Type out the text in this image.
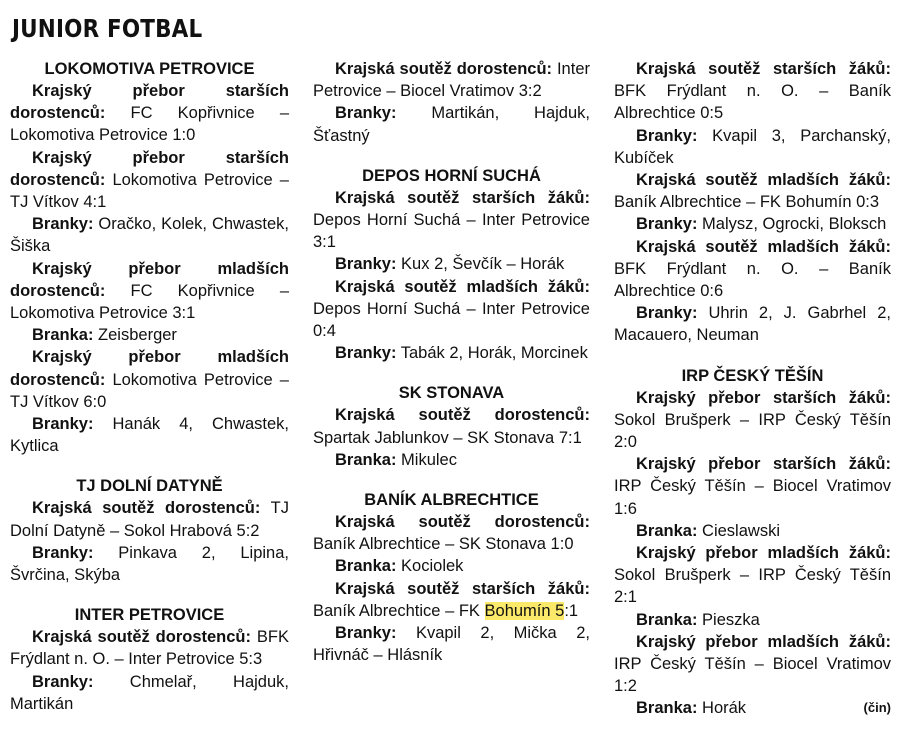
JUNIOR FOTBAL
LOKOMOTIVA PETROVICE

Krajský přebor starších dorostenců: FC Kopřivnice – Lokomotiva Petrovice 1:0

Krajský přebor starších dorostenců: Lokomotiva Petrovice – TJ Vítkov 4:1

Branky: Oračko, Kolek, Chwastek, Šiška

Krajský přebor mladších dorostenců: FC Kopřivnice – Lokomotiva Petrovice 3:1

Branka: Zeisberger

Krajský přebor mladších dorostenců: Lokomotiva Petrovice – TJ Vítkov 6:0

Branky: Hanák 4, Chwastek, Kytlica

TJ DOLNÍ DATYNĚ

Krajská soutěž dorostenců: TJ Dolní Datyně – Sokol Hrabová 5:2

Branky: Pinkava 2, Lipina, Švrčina, Skýba

INTER PETROVICE

Krajská soutěž dorostenců: BFK Frýdlant n. O. – Inter Petrovice 5:3

Branky: Chmelař, Hajduk, Martikán

Krajská soutěž dorostenců: Inter Petrovice – Biocel Vratimov 3:2

Branky: Martikán, Hajduk, Šťastný

DEPOS HORNÍ SUCHÁ

Krajská soutěž starších žáků: Depos Horní Suchá – Inter Petrovice 3:1

Branky: Kux 2, Ševčík – Horák

Krajská soutěž mladších žáků: Depos Horní Suchá – Inter Petrovice 0:4

Branky: Tabák 2, Horák, Morcinek

SK STONAVA

Krajská soutěž dorostenců: Spartak Jablunkov – SK Stonava 7:1

Branka: Mikulec

BANÍK ALBRECHTICE

Krajská soutěž dorostenců: Baník Albrechtice – SK Stonava 1:0

Branka: Kociolek

Krajská soutěž starších žáků: Baník Albrechtice – FK Bohumín 5:1

Branky: Kvapil 2, Mička 2, Hřivnáč – Hlásník

Krajská soutěž starších žáků: BFK Frýdlant n. O. – Baník Albrechtice 0:5

Branky: Kvapil 3, Parchanský, Kubíček

Krajská soutěž mladších žáků: Baník Albrechtice – FK Bohumín 0:3

Branky: Malysz, Ogrocki, Bloksch

Krajská soutěž mladších žáků: BFK Frýdlant n. O. – Baník Albrechtice 0:6

Branky: Uhrin 2, J. Gabrhel 2, Macauero, Neuman

IRP ČESKÝ TĚŠÍN

Krajský přebor starších žáků: Sokol Brušperk – IRP Český Těšín 2:0

Krajský přebor starších žáků: IRP Český Těšín – Biocel Vratimov 1:6

Branka: Cieslawski

Krajský přebor mladších žáků: Sokol Brušperk – IRP Český Těšín 2:1

Branka: Pieszka

Krajský přebor mladších žáků: IRP Český Těšín – Biocel Vratimov 1:2

Branka: Horák	(čin)
